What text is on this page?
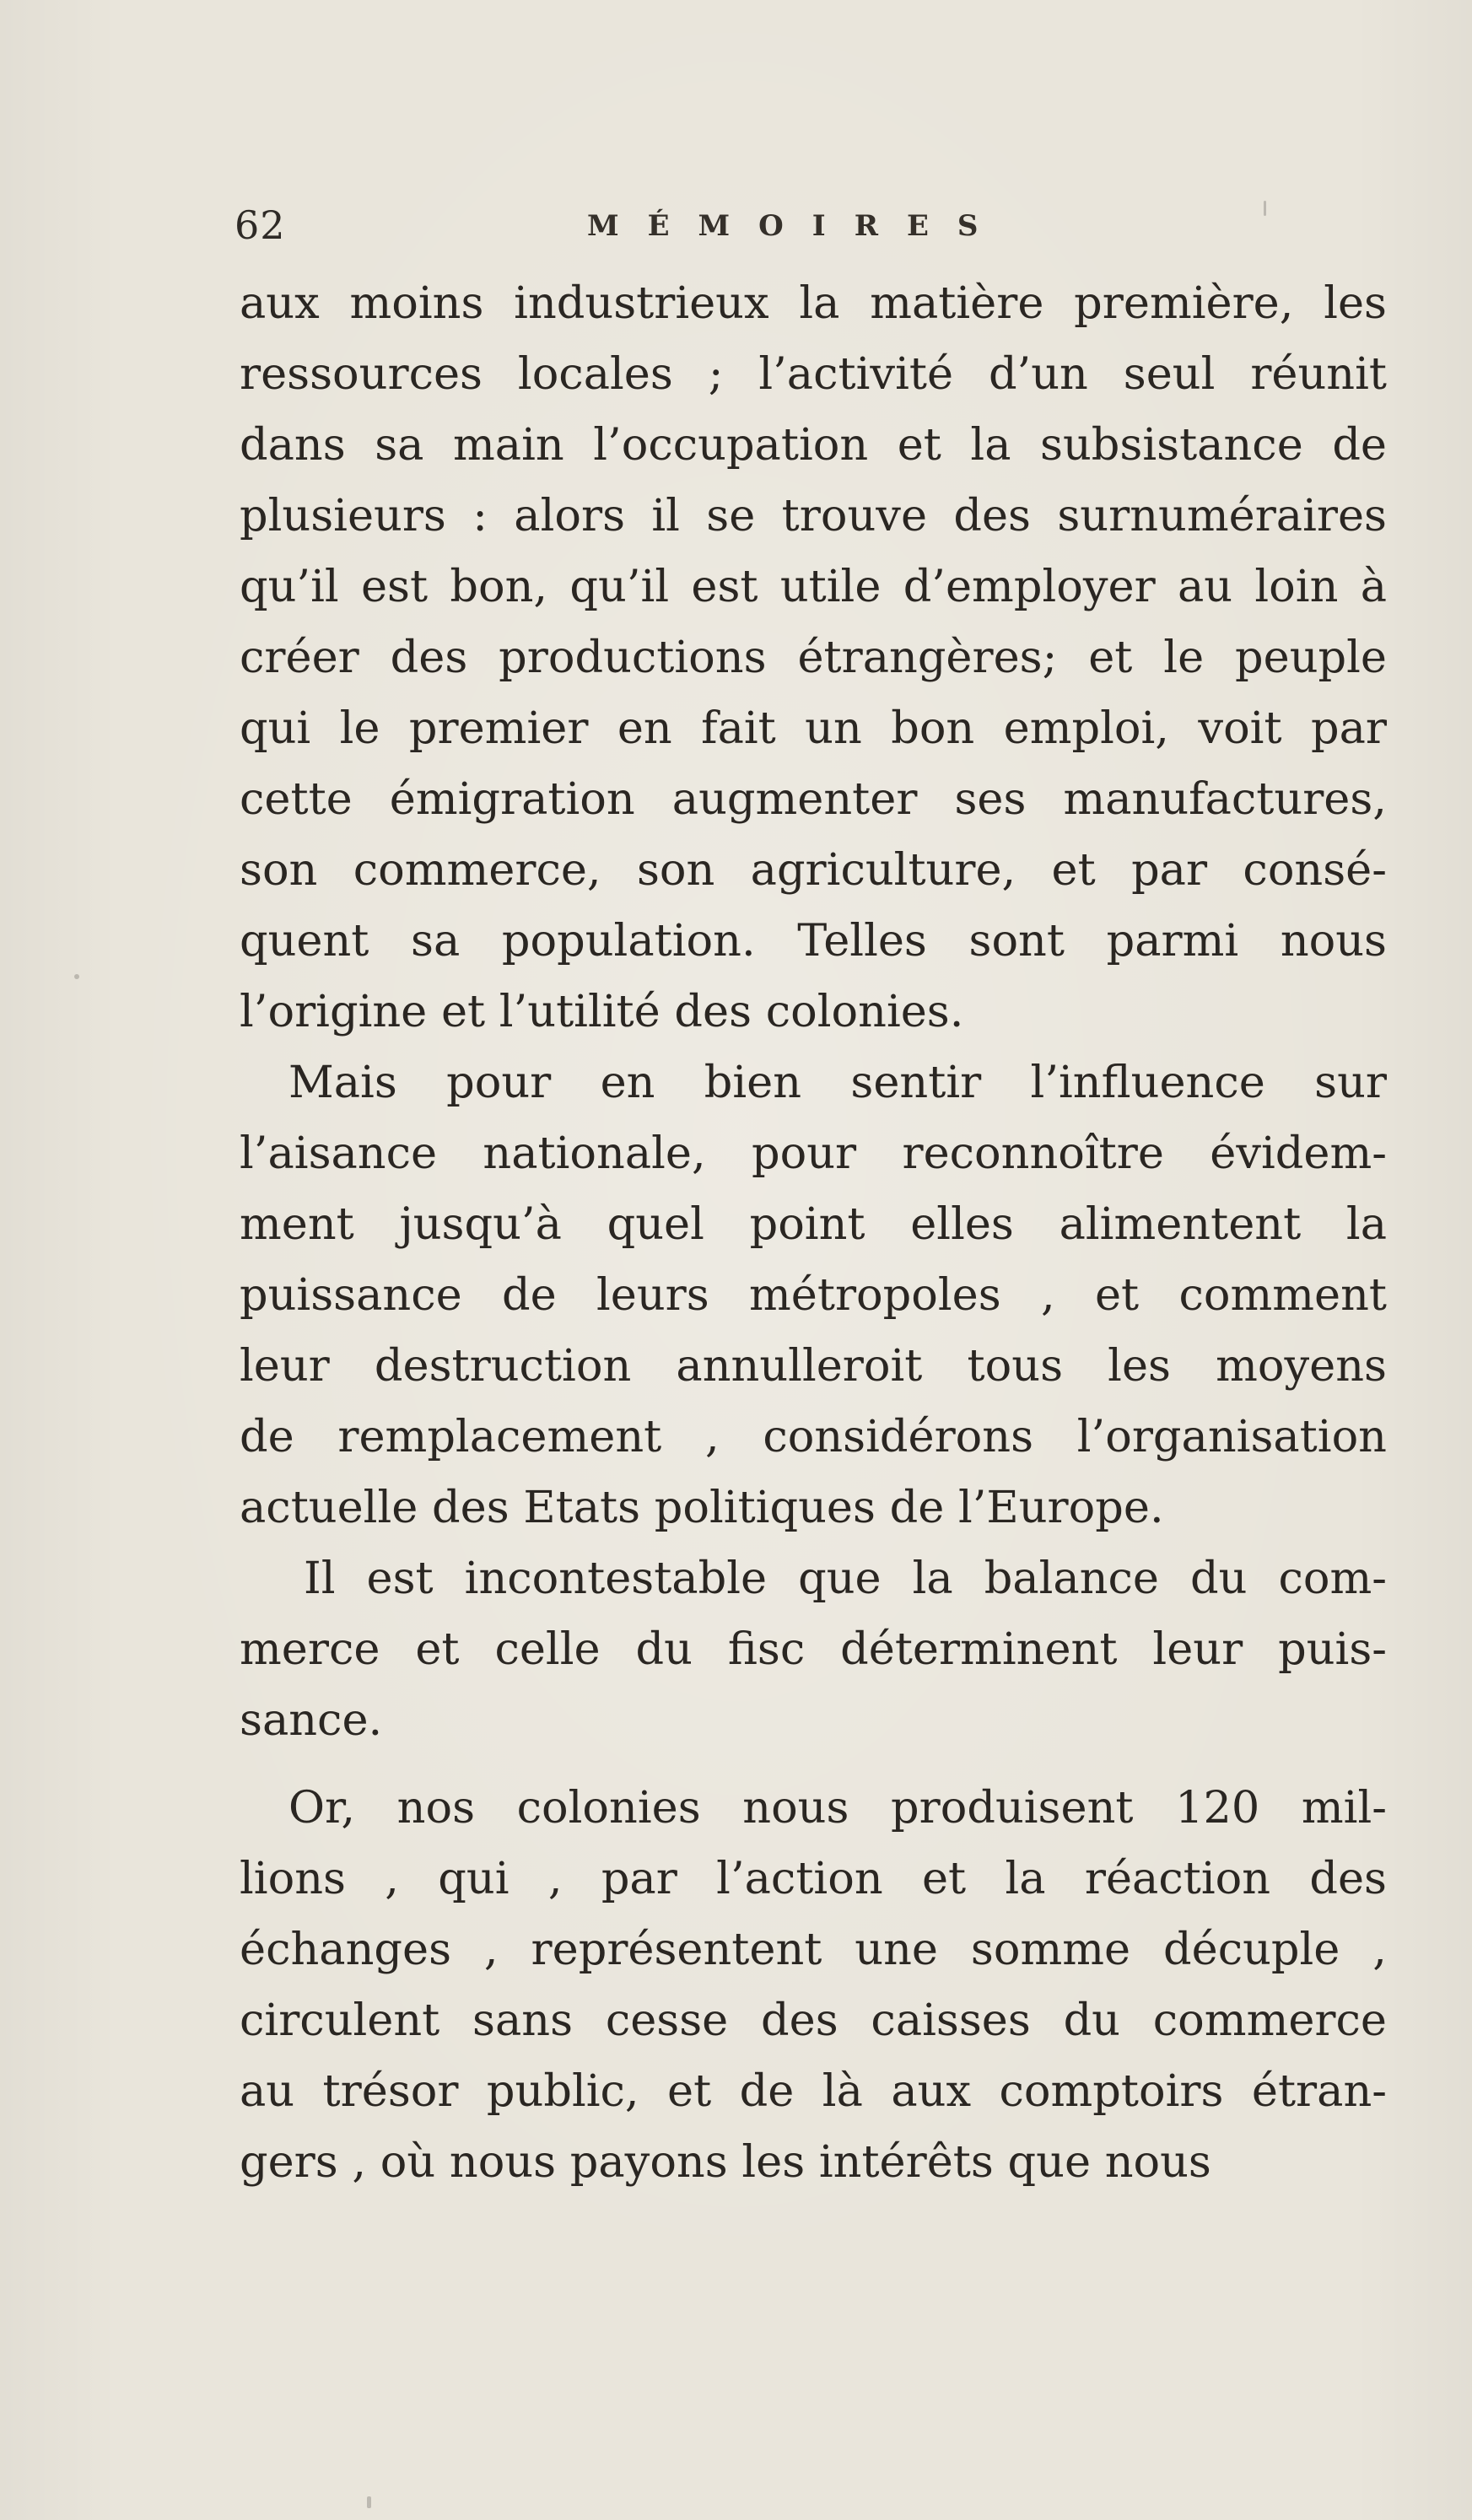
62	MÉMOIRES
aux moins industrieux la matière première, les
ressources locales ; l’activité d’un seul réunit
dans sa main l’occupation et la subsistance de
plusieurs : alors il se trouve des surnuméraires
qu’il est bon, qu’il est utile d’employer au loin à
créer des productions étrangères; et le peuple
qui le premier en fait un bon emploi, voit par
cette émigration augmenter ses manufactures,
son commerce, son agriculture, et par consé-
quent sa population. Telles sont parmi nous
l’origine et l’utilité des colonies.
Mais pour en bien sentir l’influence sur
l’aisance nationale, pour reconnoître évidem-
ment jusqu’à quel point elles alimentent la
puissance de leurs métropoles , et comment
leur destruction annulleroit tous les moyens
de remplacement , considérons l’organisation
actuelle des Etats politiques de l’Europe.
Il est incontestable que la balance du com-
merce et celle du fisc déterminent leur puis-
sance.
Or, nos colonies nous produisent 120 mil-
lions , qui , par l’action et la réaction des
échanges , représentent une somme décuple ,
circulent sans cesse des caisses du commerce
au trésor public, et de là aux comptoirs étran-
gers , où nous payons les intérêts que nous
